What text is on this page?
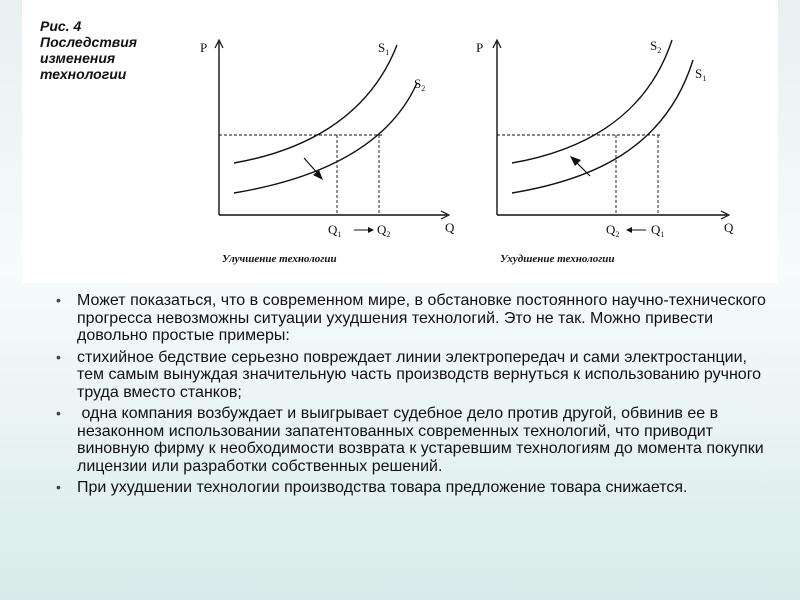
Рис. 4
Последствия
изменения
технологии
P
Q
$S_1$
$S_2$
$Q_1$	$Q_2$
Улучшение технологии
P
Q
$S_2$
$S_1$
$Q_2$ $Q_1$
Ухудшение технологии
• Может показаться, что в современном мире, в обстановке постоянного научно-технического прогресса невозможны ситуации ухудшения технологий. Это не так. Можно привести довольно простые примеры:
• стихийное бедствие серьезно повреждает линии электропередач и сами электростанции, тем самым вынуждая значительную часть производств вернуться к использованию ручного труда вместо станков;
• одна компания возбуждает и выигрывает судебное дело против другой, обвинив ее в незаконном использовании запатентованных современных технологий, что приводит виновную фирму к необходимости возврата к устаревшим технологиям до момента покупки лицензии или разработки собственных решений.
• При ухудшении технологии производства товара предложение товара снижается.
